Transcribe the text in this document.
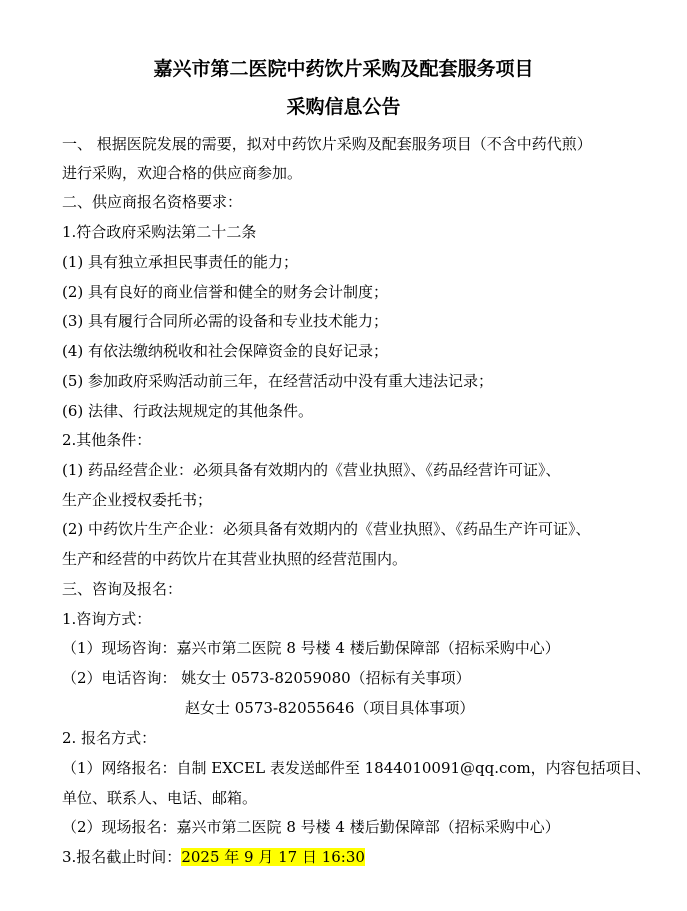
嘉兴市第二医院中药饮片采购及配套服务项目
采购信息公告
一、 根据医院发展的需要，拟对中药饮片采购及配套服务项目（不含中药代煎）
进行采购，欢迎合格的供应商参加。
二、供应商报名资格要求：
1.符合政府采购法第二十二条
(1) 具有独立承担民事责任的能力；
(2) 具有良好的商业信誉和健全的财务会计制度；
(3) 具有履行合同所必需的设备和专业技术能力；
(4) 有依法缴纳税收和社会保障资金的良好记录；
(5) 参加政府采购活动前三年，在经营活动中没有重大违法记录；
(6) 法律、行政法规规定的其他条件。
2.其他条件：
(1) 药品经营企业：必须具备有效期内的《营业执照》、《药品经营许可证》、
生产企业授权委托书；
(2) 中药饮片生产企业：必须具备有效期内的《营业执照》、《药品生产许可证》、
生产和经营的中药饮片在其营业执照的经营范围内。
三、咨询及报名：
1.咨询方式：
（1）现场咨询：嘉兴市第二医院 8 号楼 4 楼后勤保障部（招标采购中心）
（2）电话咨询： 姚女士 0573-82059080（招标有关事项）
赵女士 0573-82055646（项目具体事项）
2. 报名方式：
（1）网络报名：自制 EXCEL 表发送邮件至 1844010091@qq.com，内容包括项目、
单位、联系人、电话、邮箱。
（2）现场报名：嘉兴市第二医院 8 号楼 4 楼后勤保障部（招标采购中心）
3.报名截止时间：2025 年 9 月 17 日 16:30
